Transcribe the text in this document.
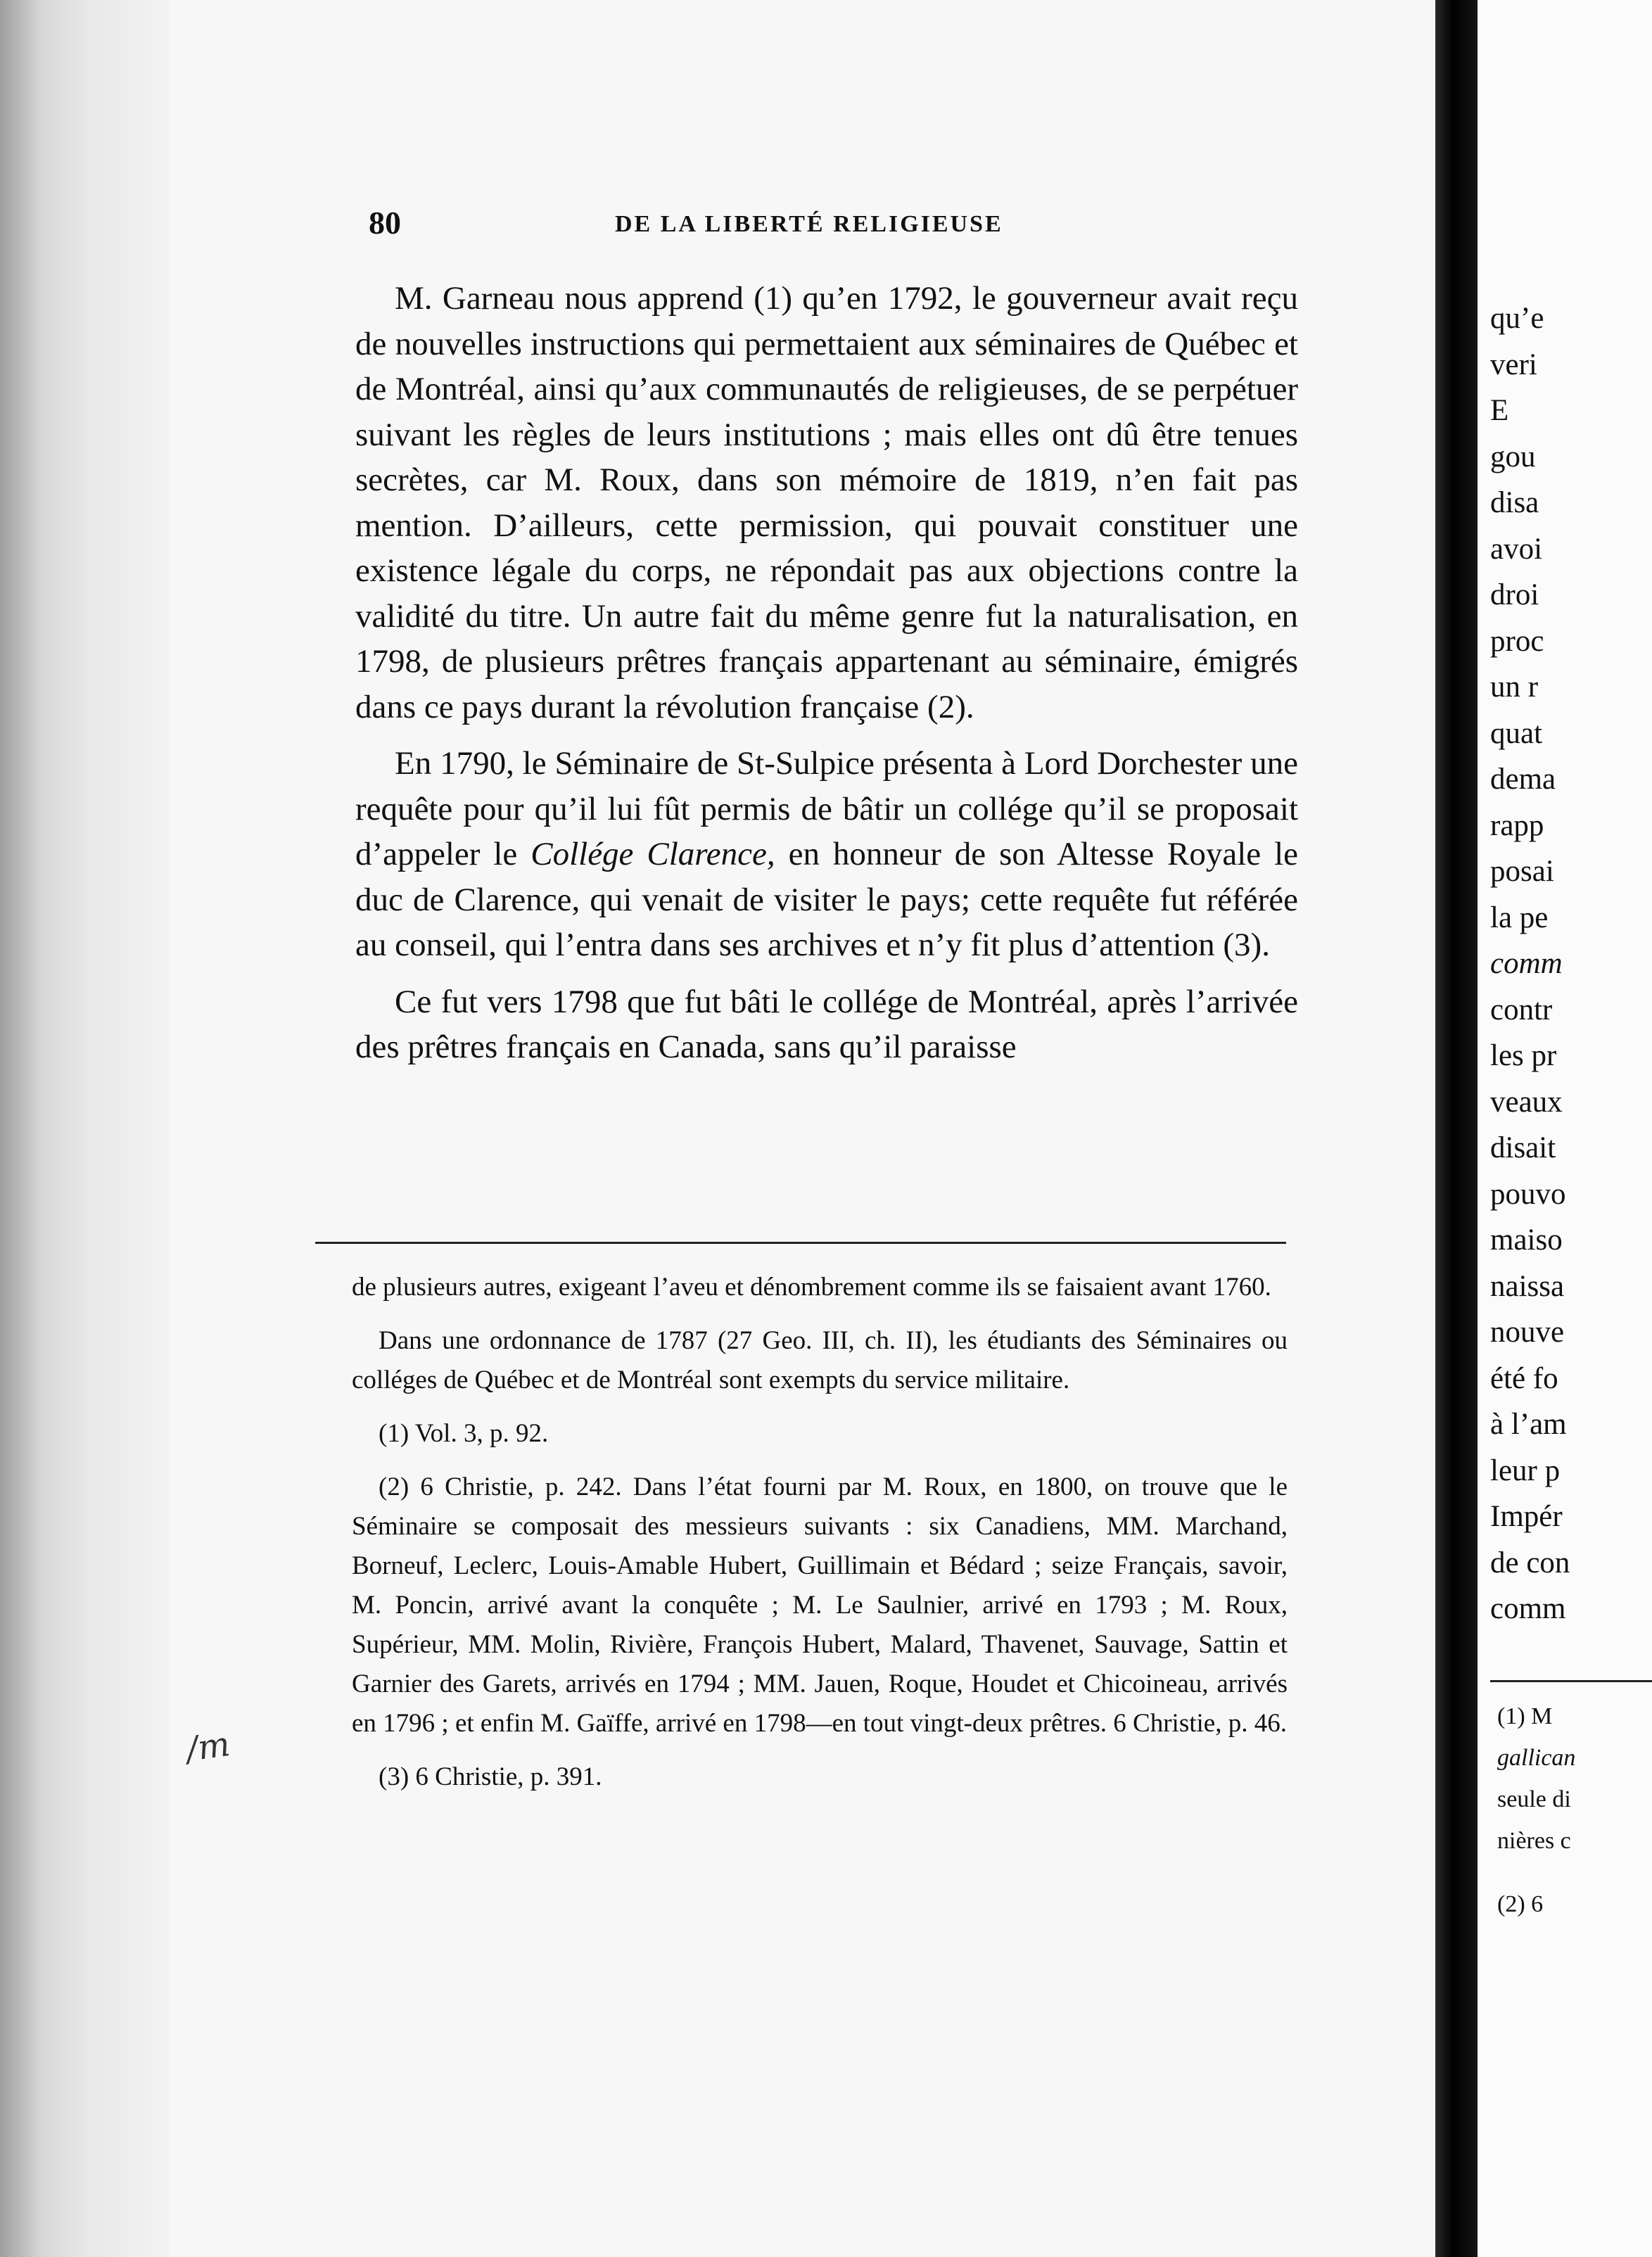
80	DE LA LIBERTÉ RELIGIEUSE

M. Garneau nous apprend (1) qu’en 1792, le gouverneur avait reçu de nouvelles instructions qui permettaient aux séminaires de Québec et de Montréal, ainsi qu’aux communautés de religieuses, de se perpétuer suivant les règles de leurs institutions ; mais elles ont dû être tenues secrètes, car M. Roux, dans son mémoire de 1819, n’en fait pas mention. D’ailleurs, cette permission, qui pouvait constituer une existence légale du corps, ne répondait pas aux objections contre la validité du titre. Un autre fait du même genre fut la naturalisation, en 1798, de plusieurs prêtres français appartenant au séminaire, émigrés dans ce pays durant la révolution française (2).

En 1790, le Séminaire de St-Sulpice présenta à Lord Dorchester une requête pour qu’il lui fût permis de bâtir un collége qu’il se proposait d’appeler le Collége Clarence, en honneur de son Altesse Royale le duc de Clarence, qui venait de visiter le pays; cette requête fut référée au conseil, qui l’entra dans ses archives et n’y fit plus d’attention (3).

Ce fut vers 1798 que fut bâti le collége de Montréal, après l’arrivée des prêtres français en Canada, sans qu’il paraisse

de plusieurs autres, exigeant l’aveu et dénombrement comme ils se faisaient avant 1760.

Dans une ordonnance de 1787 (27 Geo. III, ch. II), les étudiants des Séminaires ou colléges de Québec et de Montréal sont exempts du service militaire.

(1) Vol. 3, p. 92.

(2) 6 Christie, p. 242. Dans l’état fourni par M. Roux, en 1800, on trouve que le Séminaire se composait des messieurs suivants : six Canadiens, MM. Marchand, Borneuf, Leclerc, Louis-Amable Hubert, Guillimain et Bédard ; seize Français, savoir, M. Poncin, arrivé avant la conquête ; M. Le Saulnier, arrivé en 1793 ; M. Roux, Supérieur, MM. Molin, Rivière, François Hubert, Malard, Thavenet, Sauvage, Sattin et Garnier des Garets, arrivés en 1794 ; MM. Jauen, Roque, Houdet et Chicoineau, arrivés en 1796 ; et enfin M. Gaïffe, arrivé en 1798—en tout vingt-deux prêtres. 6 Christie, p. 46.

(3) 6 Christie, p. 391.

/m
qu’e
veri
E
gou
disa
avoi
droi
proc
un r
quat
dema
rapp
posai
la pe
comm
contr
les pr
veaux
disait
pouvo
maiso
naissa
nouve
été fo
à l’am
leur p
Impér
de con
comm
(1) M
gallican
seule di
nières c
(2) 6
